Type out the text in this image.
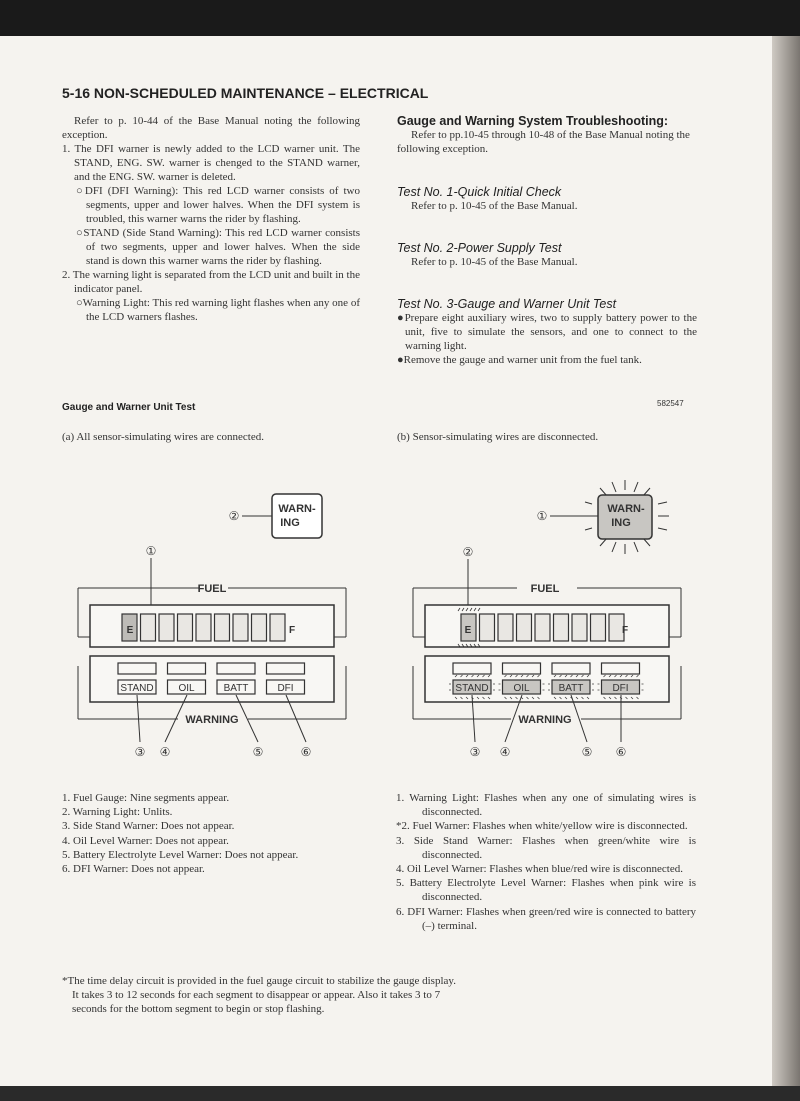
5-16 NON-SCHEDULED MAINTENANCE – ELECTRICAL

Refer to p. 10-44 of the Base Manual noting the following exception.

1. The DFI warner is newly added to the LCD warner unit. The STAND, ENG. SW. warner is chenged to the STAND warner, and the ENG. SW. warner is deleted.

○DFI (DFI Warning): This red LCD warner consists of two segments, upper and lower halves. When the DFI system is troubled, this warner warns the rider by flashing.

○STAND (Side Stand Warning): This red LCD warner consists of two segments, upper and lower halves. When the side stand is down this warner warns the rider by flashing.

2. The warning light is separated from the LCD unit and built in the indicator panel.

○Warning Light: This red warning light flashes when any one of the LCD warners flashes.

Gauge and Warning System Troubleshooting:

Refer to pp.10-45 through 10-48 of the Base Manual noting the following exception.

Test No. 1-Quick Initial Check

Refer to p. 10-45 of the Base Manual.

Test No. 2-Power Supply Test

Refer to p. 10-45 of the Base Manual.

Test No. 3-Gauge and Warner Unit Test

●Prepare eight auxiliary wires, two to supply battery power to the unit, five to simulate the sensors, and one to connect to the warning light.

●Remove the gauge and warner unit from the fuel tank.

Gauge and Warner Unit Test	582547
(a) All sensor-simulating wires are connected.	(b) Sensor-simulating wires are disconnected.
WARN-
ING
②
①
FUEL
E	F
STAND OIL	BATT	DFI
WARNING
③ ④	⑤	⑥
WARN-
ING
①
②
FUEL
E	F
STAND OIL	BATT	DFI
WARNING
③ ④	⑤ ⑥

1. Fuel Gauge: Nine segments appear.

2. Warning Light: Unlits.

3. Side Stand Warner: Does not appear.

4. Oil Level Warner: Does not appear.

5. Battery Electrolyte Level Warner: Does not appear.

6. DFI Warner: Does not appear.

1. Warning Light: Flashes when any one of simulating wires is disconnected.

*2. Fuel Warner: Flashes when white/yellow wire is disconnected.

3. Side Stand Warner: Flashes when green/white wire is disconnected.

4. Oil Level Warner: Flashes when blue/red wire is disconnected.

5. Battery Electrolyte Level Warner: Flashes when pink wire is disconnected.

6. DFI Warner: Flashes when green/red wire is connected to battery (–) terminal.

*The time delay circuit is provided in the fuel gauge circuit to stabilize the gauge display.

It takes 3 to 12 seconds for each segment to disappear or appear. Also it takes 3 to 7

seconds for the bottom segment to begin or stop flashing.
